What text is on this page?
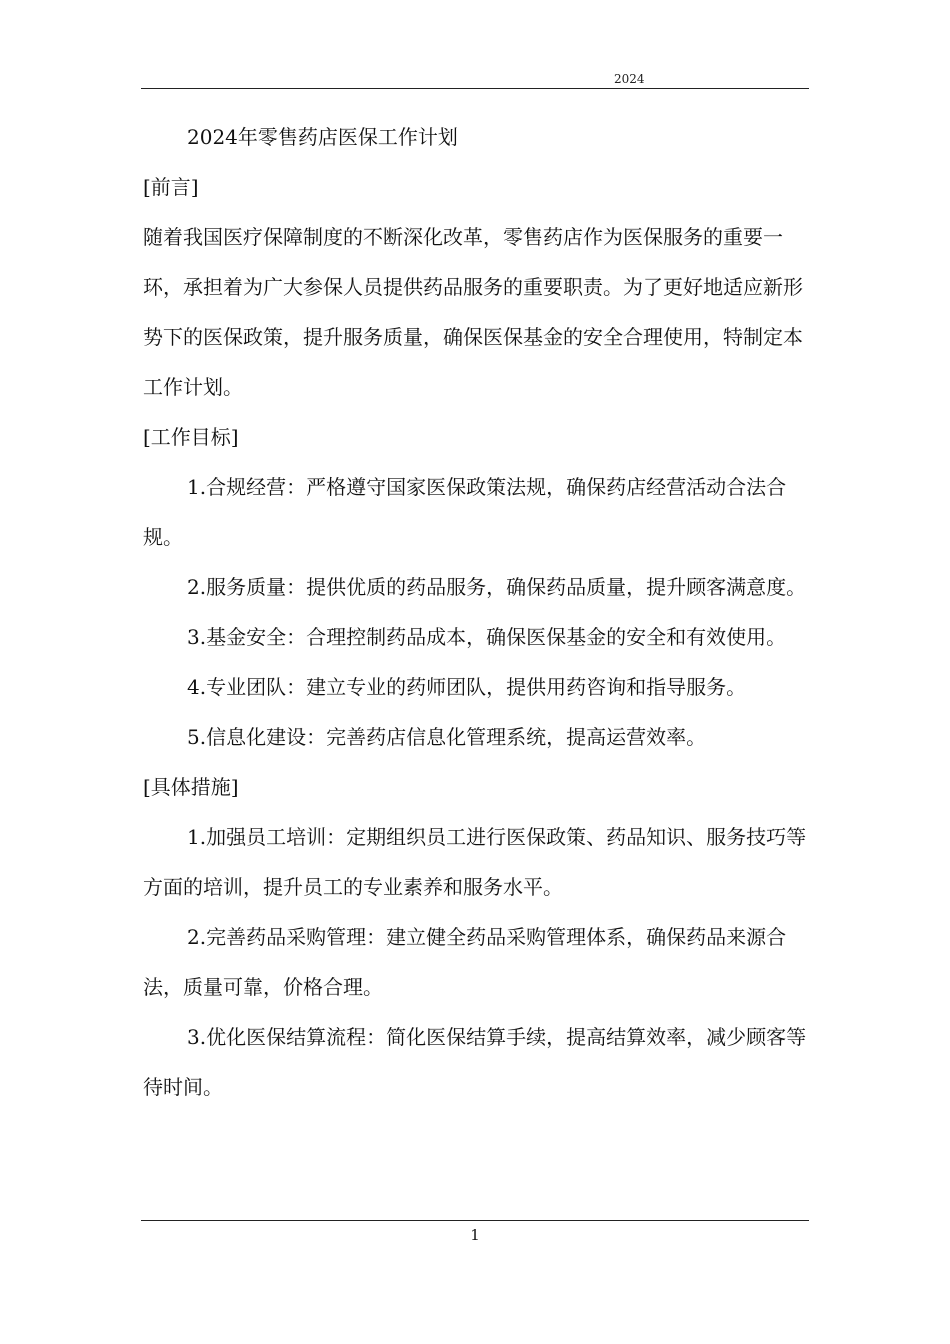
2024

2024年零售药店医保工作计划

[前言]

随着我国医疗保障制度的不断深化改革，零售药店作为医保服务的重要一环，承担着为广大参保人员提供药品服务的重要职责。为了更好地适应新形势下的医保政策，提升服务质量，确保医保基金的安全合理使用，特制定本工作计划。

[工作目标]

1.合规经营：严格遵守国家医保政策法规，确保药店经营活动合法合规。

2.服务质量：提供优质的药品服务，确保药品质量，提升顾客满意度。

3.基金安全：合理控制药品成本，确保医保基金的安全和有效使用。

4.专业团队：建立专业的药师团队，提供用药咨询和指导服务。

5.信息化建设：完善药店信息化管理系统，提高运营效率。

[具体措施]

1.加强员工培训：定期组织员工进行医保政策、药品知识、服务技巧等方面的培训，提升员工的专业素养和服务水平。

2.完善药品采购管理：建立健全药品采购管理体系，确保药品来源合法，质量可靠，价格合理。

3.优化医保结算流程：简化医保结算手续，提高结算效率，减少顾客等待时间。

1
